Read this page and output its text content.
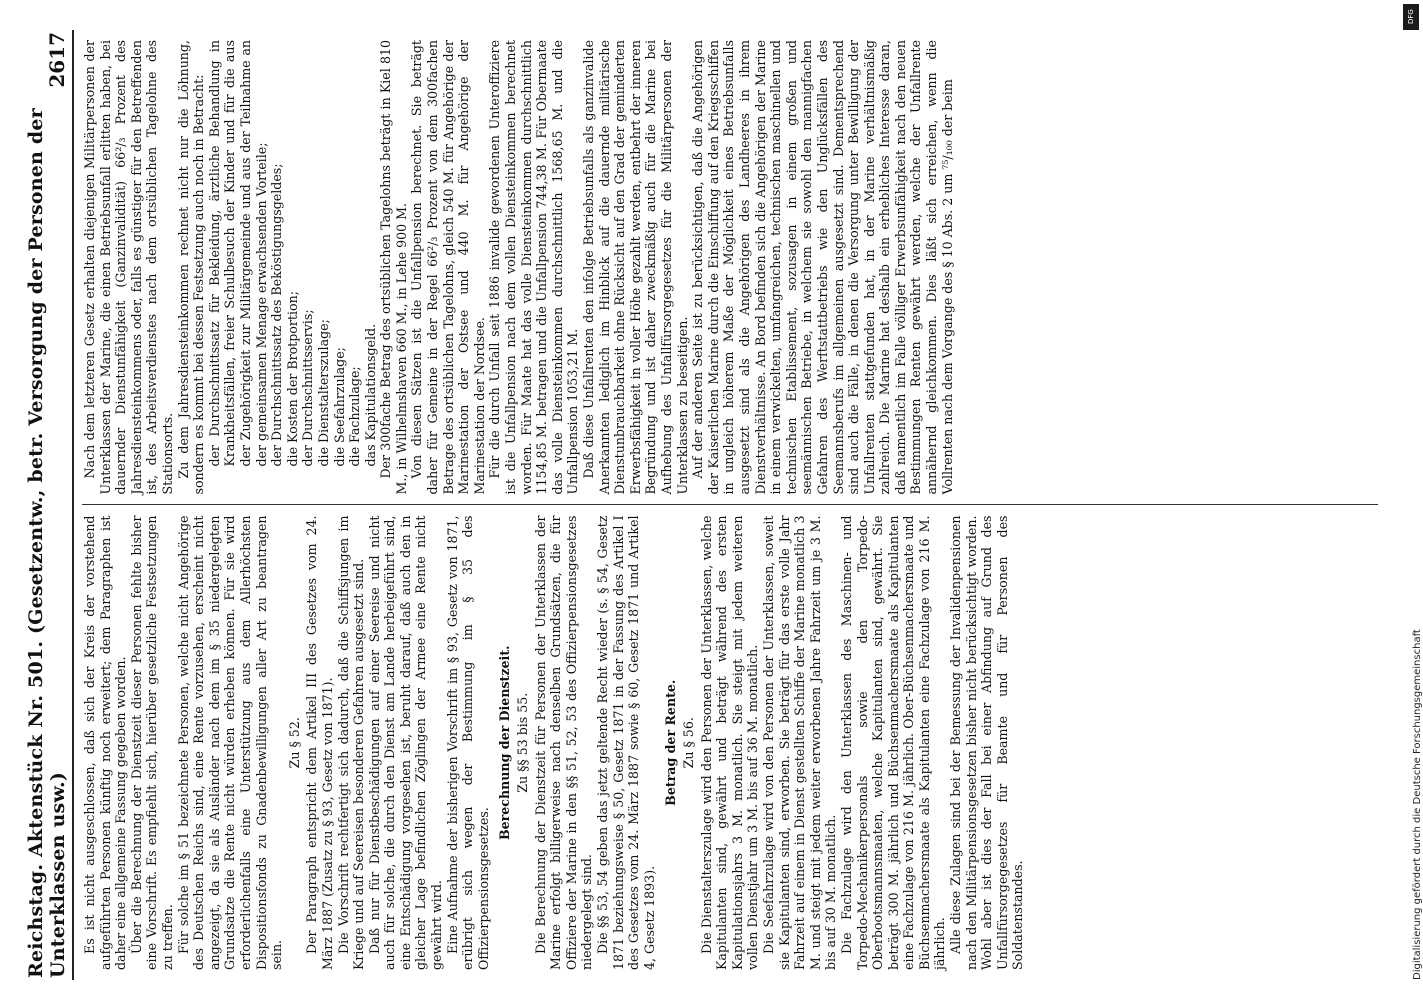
Reichstag. Aktenstück Nr. 501. (Gesetzentw., betr. Versorgung der Personen der Unterklassen usw.)
2617

Es ist nicht ausgeschlossen, daß sich der Kreis der vorstehend aufgeführten Personen künftig noch erweitert; dem Paragraphen ist daher eine allgemeine Fassung gegeben worden. Über die Berechnung der Dienstzeit dieser Personen fehlte bisher eine Vorschrift. Es empfiehlt sich, hierüber gesetzliche Festsetzungen zu treffen. Für solche im § 51 bezeichnete Personen, welche nicht Angehörige des Deutschen Reichs sind, eine Rente vorzusehen, erscheint nicht angezeigt, da sie als Ausländer nach dem im § 35 niedergelegten Grundsatze die Rente nicht würden erheben können. Für sie wird erforderlichenfalls eine Unterstützung aus dem Allerhöchsten Dispositionsfonds zu Gnadenbewilligungen aller Art zu beantragen sein.

Zu § 52. Der Paragraph entspricht dem Artikel III des Gesetzes vom 24. März 1887 (Zusatz zu § 93, Gesetz von 1871). Die Vorschrift rechtfertigt sich dadurch, daß die Schiffsjungen im Kriege und auf Seereisen besonderen Gefahren ausgesetzt sind. Daß nur für Dienstbeschädigungen auf einer Seereise und nicht auch für solche, die durch den Dienst am Lande herbeigeführt sind, eine Entschädigung vorgesehen ist, beruht darauf, daß auch den in gleicher Lage befindlichen Zöglingen der Armee eine Rente nicht gewährt wird. Eine Aufnahme der bisherigen Vorschrift im § 93, Gesetz von 1871, erübrigt sich wegen der Bestimmung im § 35 des Offizierpensionsgesetzes.

Berechnung der Dienstzeit. Zu §§ 53 bis 55. Die Berechnung der Dienstzeit für Personen der Unterklassen der Marine erfolgt billigerweise nach denselben Grundsätzen, die für Offiziere der Marine in den §§ 51, 52, 53 des Offizierpensionsgesetzes niedergelegt sind. Die §§ 53, 54 geben das jetzt geltende Recht wieder (s. § 54, Gesetz 1871 beziehungsweise § 50, Gesetz 1871 in der Fassung des Artikel I des Gesetzes vom 24. März 1887 sowie § 60, Gesetz 1871 und Artikel 4, Gesetz 1893).

Betrag der Rente. Zu § 56. Die Dienstalterszulage wird den Personen der Unterklassen, welche Kapitulanten sind, gewährt und beträgt während des ersten Kapitulationsjahrs 3 M. monatlich. Sie steigt mit jedem weiteren vollen Dienstjahr um 3 M. bis auf 36 M. monatlich. Die Seefahrzulage wird von den Personen der Unterklassen, soweit sie Kapitulanten sind, erworben. Sie beträgt für das erste volle Jahr Fahrzeit auf einem in Dienst gestellten Schiffe der Marine monatlich 3 M. und steigt mit jedem weiter erworbenen Jahre Fahrzeit um je 3 M. bis auf 30 M. monatlich. Die Fachzulage wird den Unterklassen des Maschinen- und Torpedo-Mechanikerpersonals sowie den Torpedo-Oberbootsmannsmaaten, welche Kapitulanten sind, gewährt. Sie beträgt 300 M. jährlich und Büchsenmachersmaate als Kapitulanten eine Fachzulage von 216 M. jährlich. Ober-Büchsenmachersmaate und Büchsenmachersmaate als Kapitulanten eine Fachzulage von 216 M. jährlich. Alle diese Zulagen sind bei der Bemessung der Invalidenpensionen nach den Militärpensionsgesetzen bisher nicht berücksichtigt worden. Wohl aber ist dies der Fall bei einer Abfindung auf Grund des Unfallfürsorgegesetzes für Beamte und für Personen des Soldatenstandes.

Nach dem letzteren Gesetz erhalten diejenigen Militärpersonen der Unterklassen der Marine, die einen Betriebsunfall erlitten haben, bei dauernder Dienstunfähigkeit (Ganzinvalidität) 66²/₃ Prozent des Jahresdiensteinkommens oder, falls es günstiger für den Betreffenden ist, des Arbeitsverdienstes nach dem ortsüblichen Tagelohne des Stationsorts. Zu dem Jahresdiensteinkommen rechnet nicht nur die Löhnung, sondern es kommt bei dessen Festsetzung auch noch in Betracht: der Durchschnittssatz für Bekleidung, ärztliche Behandlung in Krankheitsfällen, freier Schulbesuch der Kinder und für die aus der Zugehörigkeit zur Militärgemeinde und aus der Teilnahme an der gemeinsamen Menage erwachsenden Vorteile; der Durchschnittssatz des Beköstigungsgeldes; die Kosten der Brotportion; der Durchschnittsservis; die Dienstalterszulage; die Seefahrzulage; die Fachzulage; das Kapitulationsgeld. Der 300fache Betrag des ortsüblichen Tagelohns beträgt in Kiel 810 M., in Wilhelmshaven 660 M., in Lehe 900 M. Von diesen Sätzen ist die Unfallpension berechnet. Sie beträgt daher für Gemeine in der Regel 66²/₃ Prozent von dem 300fachen Betrage des ortsüblichen Tagelohns, gleich 540 M. für Angehörige der Marinestation der Ostsee und 440 M. für Angehörige der Marinestation der Nordsee. Für die durch Unfall seit 1886 invalide gewordenen Unteroffiziere ist die Unfallpension nach dem vollen Diensteinkommen berechnet worden. Für Maate hat das volle Diensteinkommen durchschnittlich 1154,85 M. betragen und die Unfallpension 744,38 M. Für Obermaate das volle Diensteinkommen durchschnittlich 1568,65 M. und die Unfallpension 1053,21 M. Daß diese Unfallrenten den infolge Betriebsunfalls als ganzinvalide Anerkannten lediglich im Hinblick auf die dauernde militärische Dienstunbrauchbarkeit ohne Rücksicht auf den Grad der geminderten Erwerbsfähigkeit in voller Höhe gezahlt werden, entbehrt der inneren Begründung und ist daher zweckmäßig auch für die Marine bei Aufhebung des Unfallfürsorgegesetzes für die Militärpersonen der Unterklassen zu beseitigen. Auf der anderen Seite ist zu berücksichtigen, daß die Angehörigen der Kaiserlichen Marine durch die Einschiffung auf den Kriegsschiffen in ungleich höherem Maße der Möglichkeit eines Betriebsunfalls ausgesetzt sind als die Angehörigen des Landheeres in ihrem Dienstverhältnisse. An Bord befinden sich die Angehörigen der Marine in einem verwickelten, umfangreichen, technischen maschinellen und technischen Etablissement, sozusagen in einem großen und seemännischen Betriebe, in welchem sie sowohl den mannigfachen Gefahren des Werftstattbetriebs wie den Unglücksfällen des Seemannsberufs im allgemeinen ausgesetzt sind. Dementsprechend sind auch die Fälle, in denen die Versorgung unter Bewilligung der Unfallrenten stattgefunden hat, in der Marine verhältnismäßig zahlreich. Die Marine hat deshalb ein erhebliches Interesse daran, daß namentlich im Falle völliger Erwerbsunfähigkeit nach den neuen Bestimmungen Renten gewährt werden, welche der Unfallrente annähernd gleichkommen. Dies läßt sich erreichen, wenn die Vollrenten nach dem Vorgange des § 10 Abs. 2 um ⁷⁵/₁₀₀ der beim

Digitalisierung gefördert durch die Deutsche Forschungsgemeinschaft
DFG
